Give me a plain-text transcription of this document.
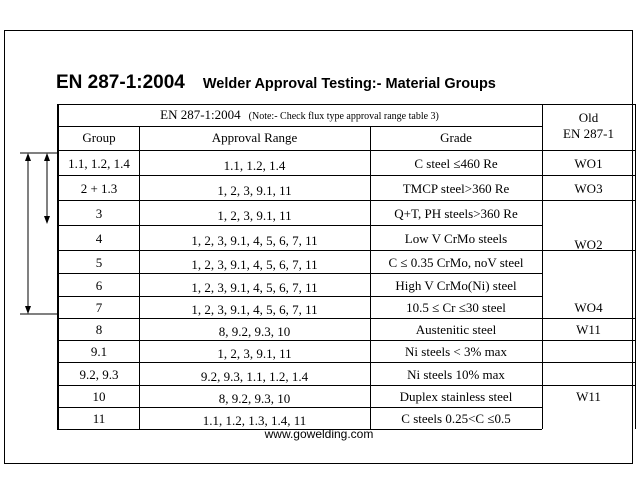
EN 287-1:2004 Welder Approval Testing:- Material Groups
EN 287-1:2004 (Note:- Check flux type approval range table 3)	Old
EN 287-1
Group	Approval Range	Grade
1.1, 1.2, 1.4	1.1, 1.2, 1.4	C steel ≤460 Re	WO1
2 + 1.3	1, 2, 3, 9.1, 11	TMCP steel>360 Re	WO3
3	1, 2, 3, 9.1, 11	Q+T, PH steels>360 Re
4	1, 2, 3, 9.1, 4, 5, 6, 7, 11	Low V CrMo steels	WO2
5	1, 2, 3, 9.1, 4, 5, 6, 7, 11	C ≤ 0.35 CrMo, noV steel
6	1, 2, 3, 9.1, 4, 5, 6, 7, 11	High V CrMo(Ni) steel
7	1, 2, 3, 9.1, 4, 5, 6, 7, 11	10.5 ≤ Cr ≤30 steel	WO4
8	8, 9.2, 9.3, 10	Austenitic steel	W11
9.1	1, 2, 3, 9.1, 11	Ni steels < 3% max
9.2, 9.3	9.2, 9.3, 1.1, 1.2, 1.4	Ni steels 10% max
10	8, 9.2, 9.3, 10	Duplex stainless steel	W11
11	1.1, 1.2, 1.3, 1.4, 11	C steels 0.25<C ≤0.5
www.gowelding.com
